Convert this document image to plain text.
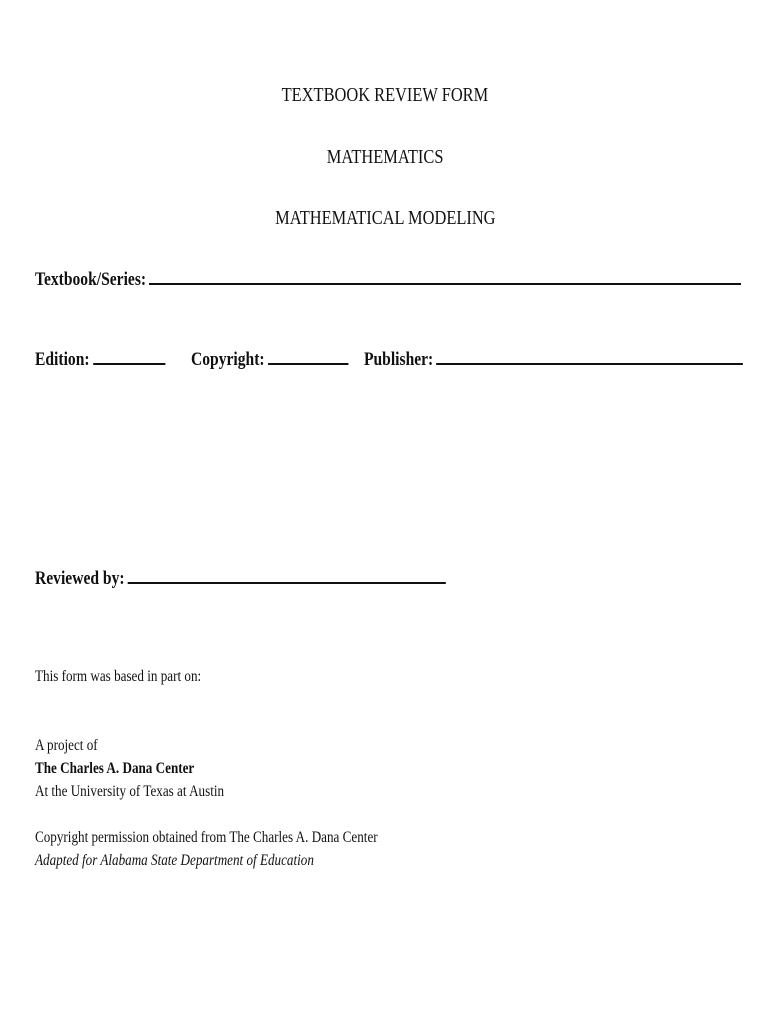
TEXTBOOK REVIEW FORM
MATHEMATICS
MATHEMATICAL MODELING
Textbook/Series:
Edition:	Copyright:	Publisher:
Reviewed by:
This form was based in part on:
A project of
The Charles A. Dana Center
At the University of Texas at Austin
Copyright permission obtained from The Charles A. Dana Center
Adapted for Alabama State Department of Education
